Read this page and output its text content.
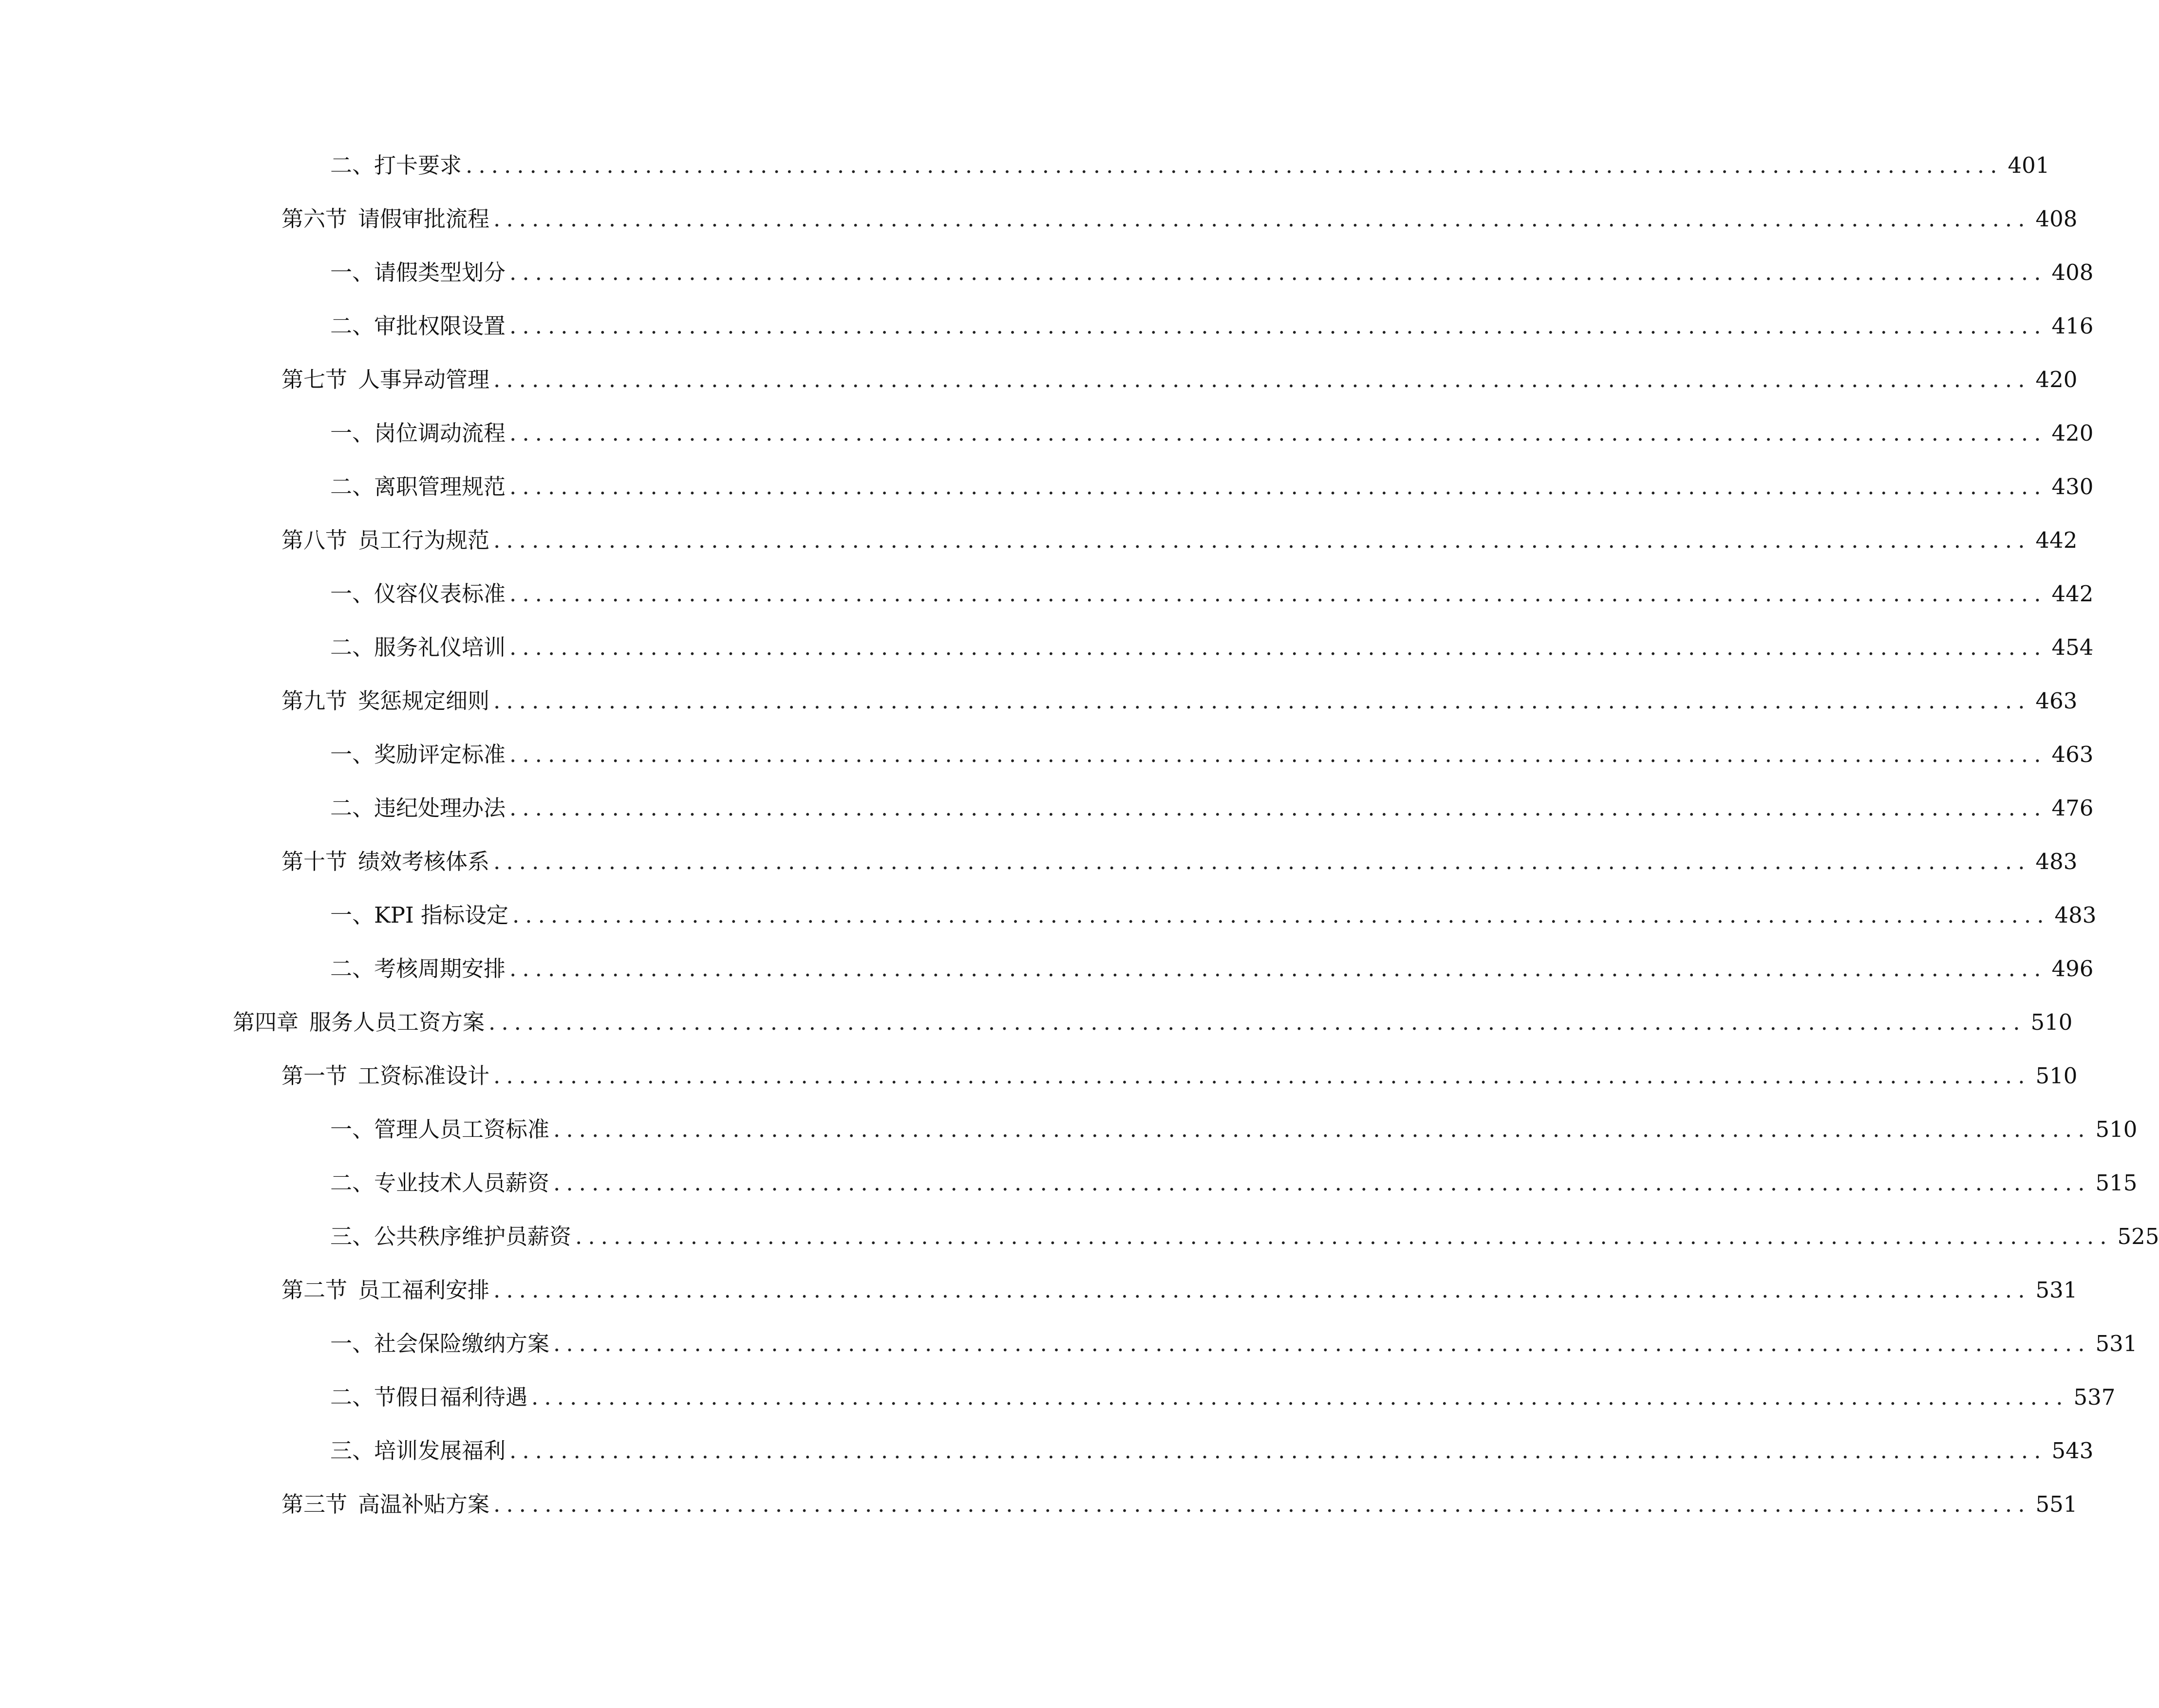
二、 打卡要求 ........................................................................................................................ 401
第六节 请假审批流程 ........................................................................................................................ 408
一、 请假类型划分 ........................................................................................................................ 408
二、 审批权限设置 ........................................................................................................................ 416
第七节 人事异动管理 ........................................................................................................................ 420
一、 岗位调动流程 ........................................................................................................................ 420
二、 离职管理规范 ........................................................................................................................ 430
第八节 员工行为规范 ........................................................................................................................ 442
一、 仪容仪表标准 ........................................................................................................................ 442
二、 服务礼仪培训 ........................................................................................................................ 454
第九节 奖惩规定细则 ........................................................................................................................ 463
一、 奖励评定标准 ........................................................................................................................ 463
二、 违纪处理办法 ........................................................................................................................ 476
第十节 绩效考核体系 ........................................................................................................................ 483
一、 KPI 指标设定 ........................................................................................................................ 483
二、 考核周期安排 ........................................................................................................................ 496
第四章 服务人员工资方案 ........................................................................................................................ 510
第一节 工资标准设计 ........................................................................................................................ 510
一、 管理人员工资标准 ........................................................................................................................ 510
二、 专业技术人员薪资 ........................................................................................................................ 515
三、 公共秩序维护员薪资 ........................................................................................................................ 525
第二节 员工福利安排 ........................................................................................................................ 531
一、 社会保险缴纳方案 ........................................................................................................................ 531
二、 节假日福利待遇 ........................................................................................................................ 537
三、 培训发展福利 ........................................................................................................................ 543
第三节 高温补贴方案 ........................................................................................................................ 551
